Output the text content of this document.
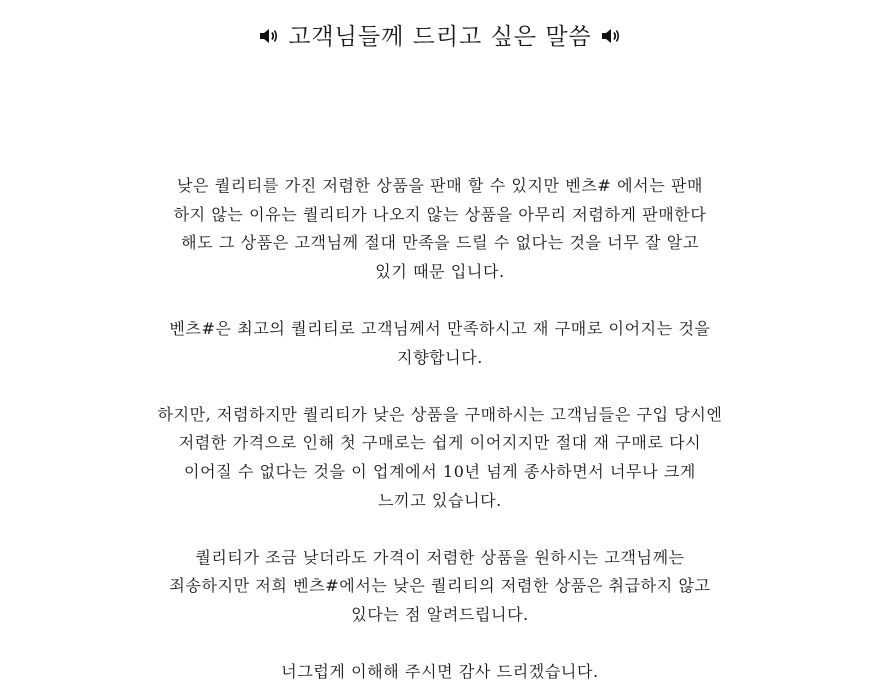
고객님들께 드리고 싶은 말씀

낮은 퀄리티를 가진 저렴한 상품을 판매 할 수 있지만 벤츠# 에서는 판매
하지 않는 이유는 퀄리티가 나오지 않는 상품을 아무리 저렴하게 판매한다
해도 그 상품은 고객님께 절대 만족을 드릴 수 없다는 것을 너무 잘 알고
있기 때문 입니다.

벤츠#은 최고의 퀄리티로 고객님께서 만족하시고 재 구매로 이어지는 것을
지향합니다.

하지만, 저렴하지만 퀄리티가 낮은 상품을 구매하시는 고객님들은 구입 당시엔
저렴한 가격으로 인해 첫 구매로는 쉽게 이어지지만 절대 재 구매로 다시
이어질 수 없다는 것을 이 업계에서 10년 넘게 종사하면서 너무나 크게
느끼고 있습니다.

퀄리티가 조금 낮더라도 가격이 저렴한 상품을 원하시는 고객님께는
죄송하지만 저희 벤츠#에서는 낮은 퀄리티의 저렴한 상품은 취급하지 않고
있다는 점 알려드립니다.

너그럽게 이해해 주시면 감사 드리겠습니다.
